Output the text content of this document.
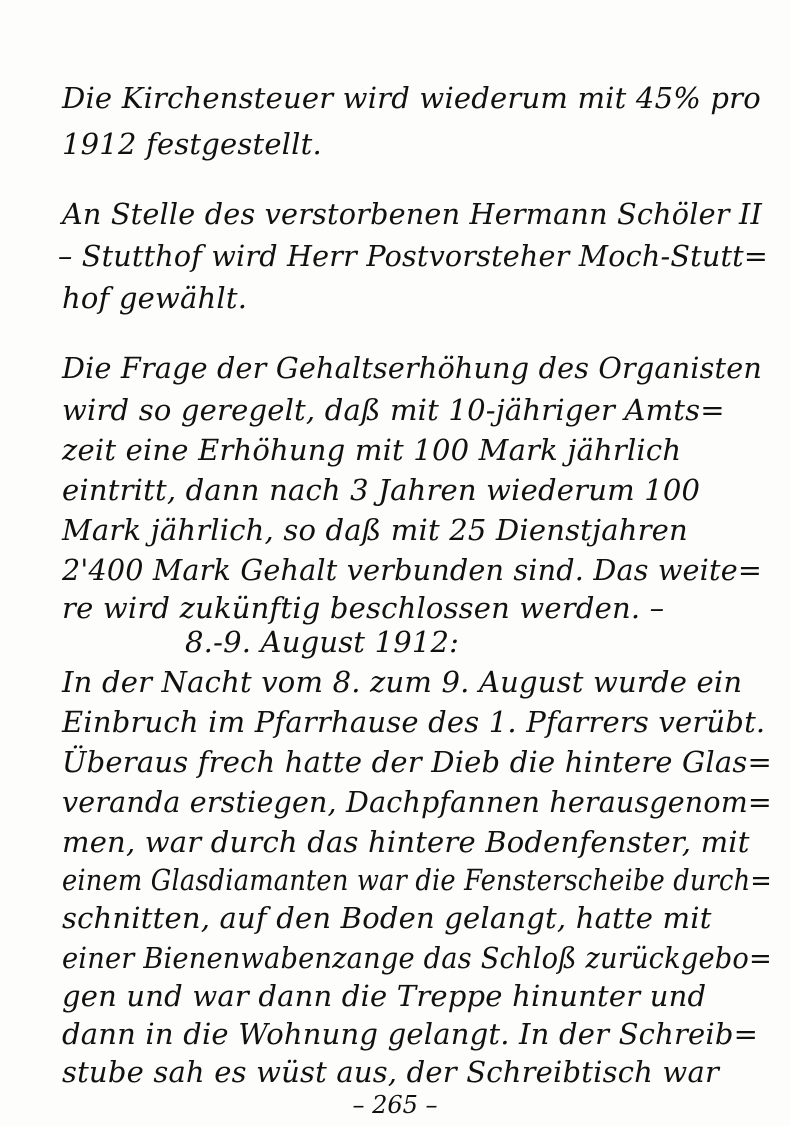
Die Kirchensteuer wird wiederum mit 45% pro
1912 festgestellt.
An Stelle des verstorbenen Hermann Schöler II
– Stutthof wird Herr Postvorsteher Moch-Stutt=
hof gewählt.
Die Frage der Gehaltserhöhung des Organisten
wird so geregelt, daß mit 10-jähriger Amts=
zeit eine Erhöhung mit 100 Mark jährlich
eintritt, dann nach 3 Jahren wiederum 100
Mark jährlich, so daß mit 25 Dienstjahren
2'400 Mark Gehalt verbunden sind. Das weite=
re wird zukünftig beschlossen werden. –
8.-9. August 1912:
In der Nacht vom 8. zum 9. August wurde ein
Einbruch im Pfarrhause des 1. Pfarrers verübt.
Überaus frech hatte der Dieb die hintere Glas=
veranda erstiegen, Dachpfannen herausgenom=
men, war durch das hintere Bodenfenster, mit
einem Glasdiamanten war die Fensterscheibe durch=
schnitten, auf den Boden gelangt, hatte mit
einer Bienenwabenzange das Schloß zurückgebo=
gen und war dann die Treppe hinunter und
dann in die Wohnung gelangt. In der Schreib=
stube sah es wüst aus, der Schreibtisch war
– 265 –
